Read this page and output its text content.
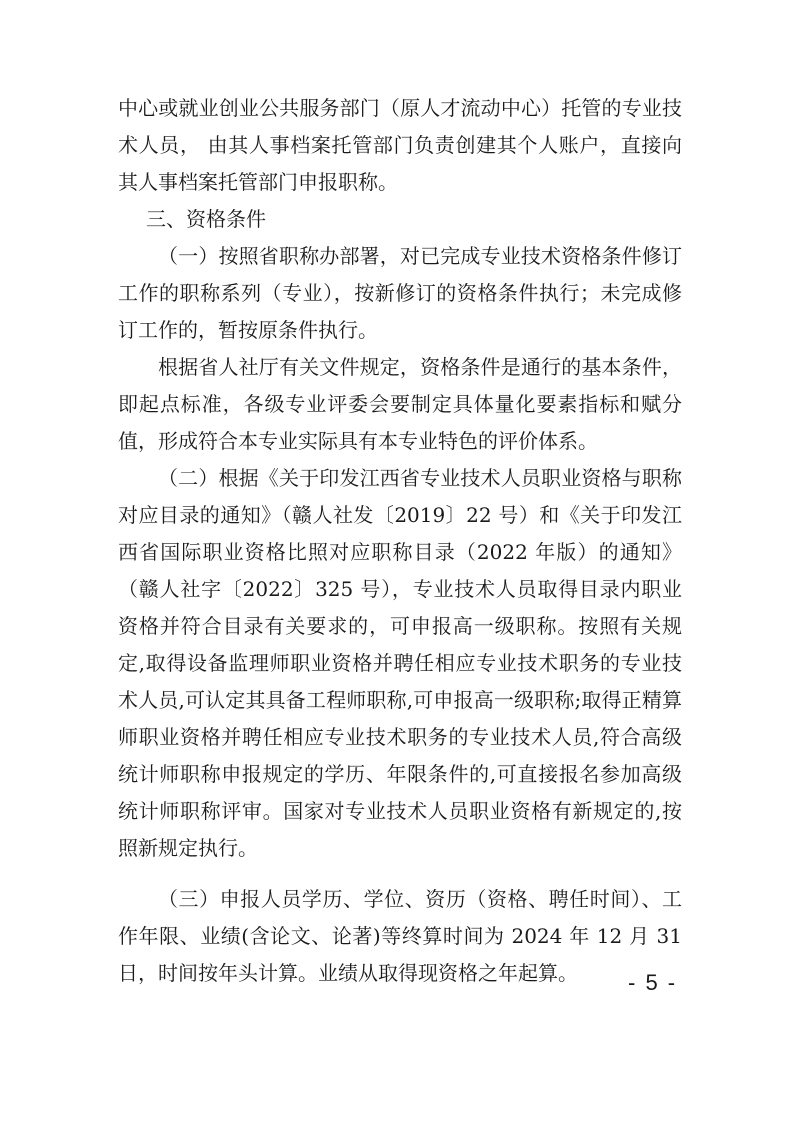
中心或就业创业公共服务部门（原人才流动中心）托管的专业技术人员， 由其人事档案托管部门负责创建其个人账户，直接向其人事档案托管部门申报职称。

三、资格条件

（一）按照省职称办部署，对已完成专业技术资格条件修订工作的职称系列（专业），按新修订的资格条件执行；未完成修订工作的，暂按原条件执行。

根据省人社厅有关文件规定，资格条件是通行的基本条件，即起点标准，各级专业评委会要制定具体量化要素指标和赋分值，形成符合本专业实际具有本专业特色的评价体系。

（二）根据《关于印发江西省专业技术人员职业资格与职称对应目录的通知》（赣人社发〔2019〕22 号）和《关于印发江西省国际职业资格比照对应职称目录（2022 年版）的通知》（赣人社字〔2022〕325 号），专业技术人员取得目录内职业资格并符合目录有关要求的，可申报高一级职称。按照有关规定,取得设备监理师职业资格并聘任相应专业技术职务的专业技术人员,可认定其具备工程师职称,可申报高一级职称;取得正精算师职业资格并聘任相应专业技术职务的专业技术人员,符合高级统计师职称申报规定的学历、年限条件的,可直接报名参加高级统计师职称评审。国家对专业技术人员职业资格有新规定的,按照新规定执行。

（三）申报人员学历、学位、资历（资格、聘任时间）、工作年限、业绩(含论文、论著)等终算时间为 2024 年 12 月 31 日，时间按年头计算。业绩从取得现资格之年起算。	- 5 -
